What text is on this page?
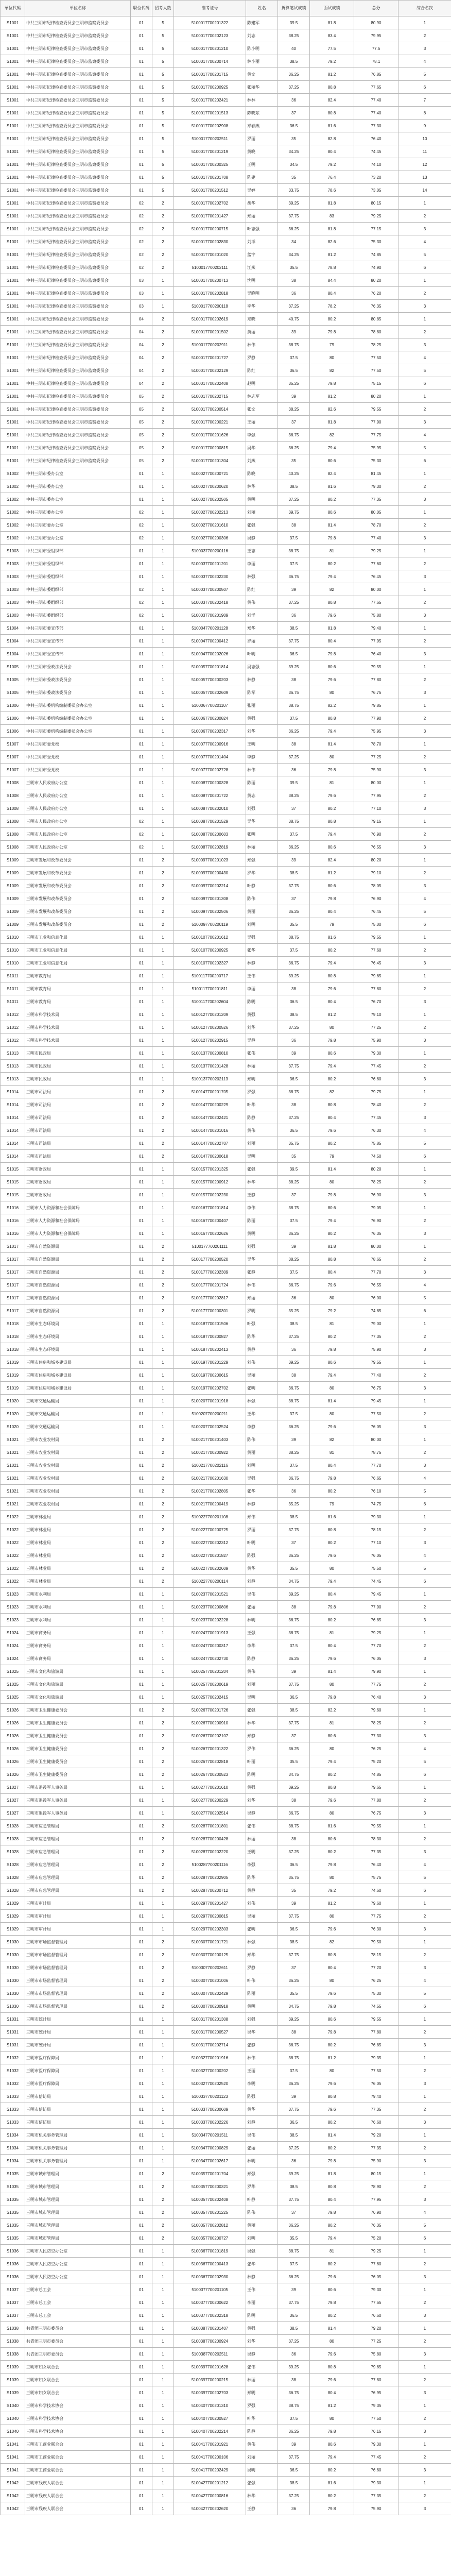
单位代码	单位名称	职位代码	招考人数	准考证号	姓名	折算笔试成绩	面试成绩	总分	综合名次
S1001	中共三明市纪律检查委员会三明市监察委员会	01	5	5100017700201322	陈建军	39.5	81.8	80.90	1
S1001	中共三明市纪律检查委员会三明市监察委员会	01	5	5100017700202123	刘志	38.25	83.4	79.95	2
S1001	中共三明市纪律检查委员会三明市监察委员会	01	5	5100017700201210	陈小明	40	77.5	77.5	3
S1001	中共三明市纪律检查委员会三明市监察委员会	01	5	5100017700200714	林小丽	38.5	79.2	78.1	4
S1001	中共三明市纪律检查委员会三明市监察委员会	01	5	5100017700201715	黄文	36.25	81.2	76.85	5
S1001	中共三明市纪律检查委员会三明市监察委员会	01	5	5100017700200925	张丽华	37.25	80.8	77.65	6
S1001	中共三明市纪律检查委员会三明市监察委员会	01	5	5100017700202421	林林	36	82.4	77.40	7
S1001	中共三明市纪律检查委员会三明市监察委员会	01	5	5100017700201513	陈晓东	37	80.8	77.40	8
S1001	中共三明市纪律检查委员会三明市监察委员会	01	5	5100017700202908	邓春燕	36.5	81.6	77.30	9
S1001	中共三明市纪律检查委员会三明市监察委员会	01	5	5100017700202511	罗丽	35	82.8	76.40	10
S1001	中共三明市纪律检查委员会三明市监察委员会	01	5	5100017700201219	黄晓	34.25	80.4	74.45	11
S1001	中共三明市纪律检查委员会三明市监察委员会	01	5	5100017700200325	王明	34.5	79.2	74.10	12
S1001	中共三明市纪律检查委员会三明市监察委员会	01	5	5100017700201708	陈建	35	76.4	73.20	13
S1001	中共三明市纪律检查委员会三明市监察委员会	01	5	5100017700201512	吴婷	33.75	78.6	73.05	14
S1001	中共三明市纪律检查委员会三明市监察委员会	02	2	5100017700202702	胡华	39.25	81.8	80.15	1
S1001	中共三明市纪律检查委员会三明市监察委员会	02	2	5100017700201427	郑丽	37.75	83	79.25	2
S1001	中共三明市纪律检查委员会三明市监察委员会	02	2	5100017700200715	叶志强	36.25	81.8	77.15	3
S1001	中共三明市纪律检查委员会三明市监察委员会	02	2	5100017700202830	刘洋	34	82.6	75.30	4
S1001	中共三明市纪律检查委员会三明市监察委员会	02	2	5100017700201020	蓝宇	34.25	81.2	74.85	5
S1001	中共三明市纪律检查委员会三明市监察委员会	02	2	5100017700202111	江燕	35.5	78.8	74.90	6
S1001	中共三明市纪律检查委员会三明市监察委员会	03	1	5100017700200713	沈明	38	84.4	80.20	1
S1001	中共三明市纪律检查委员会三明市监察委员会	03	1	5100017700202818	吴晓明	36	80.4	76.20	2
S1001	中共三明市纪律检查委员会三明市监察委员会	03	1	5100017700200118	李华	37.25	78.2	76.35	3
S1001	中共三明市纪律检查委员会三明市监察委员会	04	2	5100017700202619	邓晓	40.75	80.2	80.85	1
S1001	中共三明市纪律检查委员会三明市监察委员会	04	2	5100017700201502	黄丽	39	79.8	78.80	2
S1001	中共三明市纪律检查委员会三明市监察委员会	04	2	5100017700202911	林伟	38.75	79	78.25	3
S1001	中共三明市纪律检查委员会三明市监察委员会	04	2	5100017700201727	罗静	37.5	80	77.50	4
S1001	中共三明市纪律检查委员会三明市监察委员会	04	2	5100017700202129	陈红	36.5	82	77.50	5
S1001	中共三明市纪律检查委员会三明市监察委员会	04	2	5100017700202408	赵明	35.25	79.8	75.15	6
S1001	中共三明市纪律检查委员会三明市监察委员会	05	2	5100017700202715	林志军	39	81.2	80.20	1
S1001	中共三明市纪律检查委员会三明市监察委员会	05	2	5100017700200514	张文	38.25	82.6	79.55	2
S1001	中共三明市纪律检查委员会三明市监察委员会	05	2	5100017700200221	王丽	37	81.8	77.90	3
S1001	中共三明市纪律检查委员会三明市监察委员会	05	2	5100017700201626	李强	36.75	82	77.75	4
S1001	中共三明市纪律检查委员会三明市监察委员会	05	2	5100017700200815	吴华	36.25	79.4	75.95	5
S1001	中共三明市纪律检查委员会三明市监察委员会	05	2	5100017700201304	刘燕	35	80.6	75.30	6
S1002	中共三明市委办公室	01	1	5100027700200721	陈晓	40.25	82.4	81.45	1
S1002	中共三明市委办公室	01	1	5100027700200620	林华	38.5	81.6	79.30	2
S1002	中共三明市委办公室	01	1	5100027700202505	黄明	37.25	80.2	77.35	3
S1002	中共三明市委办公室	02	1	5100027700202213	刘丽	39.75	80.6	80.05	1
S1002	中共三明市委办公室	02	1	5100027700201610	张强	38	81.4	78.70	2
S1002	中共三明市委办公室	02	1	5100027700200306	吴静	37.5	79.8	77.40	3
S1003	中共三明市委组织部	01	1	5100037700200116	王志	38.75	81	79.25	1
S1003	中共三明市委组织部	01	1	5100037700201201	李丽	37.5	80.2	77.60	2
S1003	中共三明市委组织部	01	1	5100037700202230	林强	36.75	79.4	76.45	3
S1003	中共三明市委组织部	02	1	5100037700200507	陈红	39	82	80.00	1
S1003	中共三明市委组织部	02	1	5100037700202418	黄伟	37.25	80.8	77.65	2
S1003	中共三明市委组织部	02	1	5100037700201909	刘洋	36	79.6	75.80	3
S1004	中共三明市委宣传部	01	1	5100047700201128	郑华	38.5	81.8	79.40	1
S1004	中共三明市委宣传部	01	1	5100047700200412	罗丽	37.75	80.4	77.95	2
S1004	中共三明市委宣传部	01	1	5100047700202026	叶明	36.5	79.8	76.40	3
S1005	中共三明市委政法委员会	01	1	5100057700201814	吴志强	39.25	80.6	79.55	1
S1005	中共三明市委政法委员会	01	1	5100057700200203	林静	38	79.6	77.80	2
S1005	中共三明市委政法委员会	01	1	5100057700202609	陈军	36.75	80	76.75	3
S1006	中共三明市委机构编制委员会办公室	01	1	5100067700201107	张丽	38.75	82.2	79.85	1
S1006	中共三明市委机构编制委员会办公室	01	1	5100067700200824	黄强	37.5	80.8	77.90	2
S1006	中共三明市委机构编制委员会办公室	01	1	5100067700202317	刘华	36.25	79.4	75.95	3
S1007	中共三明市委党校	01	1	5100077700200916	王明	38	81.4	78.70	1
S1007	中共三明市委党校	01	1	5100077700201404	李静	37.25	80	77.25	2
S1007	中共三明市委党校	01	1	5100077700202728	林伟	36	79.8	75.90	3
S1008	三明市人民政府办公室	01	1	5100087700200328	陈丽	39.5	81	80.00	1
S1008	三明市人民政府办公室	01	1	5100087700201722	黄志	38.25	79.6	77.95	2
S1008	三明市人民政府办公室	01	1	5100087700202010	刘强	37	80.2	77.10	3
S1008	三明市人民政府办公室	02	1	5100087700201529	吴华	38.75	80.8	79.15	1
S1008	三明市人民政府办公室	02	1	5100087700200603	张明	37.5	79.4	76.90	2
S1008	三明市人民政府办公室	02	1	5100087700202819	林丽	36.25	80.6	76.55	3
S1009	三明市发展和改革委员会	01	2	5100097700201023	郑强	39	82.4	80.20	1
S1009	三明市发展和改革委员会	01	2	5100097700200430	罗华	38.5	81.2	79.10	2
S1009	三明市发展和改革委员会	01	2	5100097700202214	叶静	37.75	80.6	78.05	3
S1009	三明市发展和改革委员会	01	2	5100097700201308	陈伟	37	79.8	76.90	4
S1009	三明市发展和改革委员会	01	2	5100097700202506	黄丽	36.25	80.4	76.45	5
S1009	三明市发展和改革委员会	01	2	5100097700200119	刘明	35.5	79	75.00	6
S1010	三明市工业和信息化局	01	1	5100107700201612	吴强	38.75	81.6	79.55	1
S1010	三明市工业和信息化局	01	1	5100107700200925	张华	37.5	80.2	77.60	2
S1010	三明市工业和信息化局	01	1	5100107700202327	林静	36.75	79.4	76.45	3
S1011	三明市教育局	01	1	5100117700200717	王伟	39.25	80.8	79.65	1
S1011	三明市教育局	01	1	5100117700201811	李丽	38	79.6	77.80	2
S1011	三明市教育局	01	1	5100117700202604	陈明	36.5	80.4	76.70	3
S1012	三明市科学技术局	01	1	5100127700201209	黄强	38.5	81.2	79.10	1
S1012	三明市科学技术局	01	1	5100127700200526	刘华	37.25	80	77.25	2
S1012	三明市科学技术局	01	1	5100127700202915	吴静	36	79.8	75.90	3
S1013	三明市民政局	01	1	5100137700200810	张伟	39	80.6	79.30	1
S1013	三明市民政局	01	1	5100137700201428	林丽	37.75	79.4	77.45	2
S1013	三明市民政局	01	1	5100137700202113	郑明	36.5	80.2	76.60	3
S1014	三明市司法局	01	2	5100147700201705	罗强	38.75	82	79.75	1
S1014	三明市司法局	01	2	5100147700200229	叶华	38	80.8	78.40	2
S1014	三明市司法局	01	2	5100147700202421	陈静	37.25	80.4	77.45	3
S1014	三明市司法局	01	2	5100147700201016	黄伟	36.5	79.6	76.30	4
S1014	三明市司法局	01	2	5100147700202707	刘丽	35.75	80.2	75.85	5
S1014	三明市司法局	01	2	5100147700200618	吴明	35	79	74.50	6
S1015	三明市财政局	01	1	5100157700201325	张强	39.5	81.4	80.20	1
S1015	三明市财政局	01	1	5100157700200912	林华	38.25	80	78.25	2
S1015	三明市财政局	01	1	5100157700202230	王静	37	79.8	76.90	3
S1016	三明市人力资源和社会保障局	01	1	5100167700201814	李伟	38.75	80.6	79.05	1
S1016	三明市人力资源和社会保障局	01	1	5100167700200407	陈丽	37.5	79.4	76.90	2
S1016	三明市人力资源和社会保障局	01	1	5100167700202626	黄明	36.25	80.2	76.35	3
S1017	三明市自然资源局	01	2	5100177700201111	刘强	39	81.8	80.00	1
S1017	三明市自然资源局	01	2	5100177700200520	吴华	38.25	80.8	78.65	2
S1017	三明市自然资源局	01	2	5100177700202309	张静	37.5	80.4	77.70	3
S1017	三明市自然资源局	01	2	5100177700201724	林伟	36.75	79.6	76.55	4
S1017	三明市自然资源局	01	2	5100177700202817	郑丽	36	80	76.00	5
S1017	三明市自然资源局	01	2	5100177700200301	罗明	35.25	79.2	74.85	6
S1018	三明市生态环境局	01	1	5100187700201506	叶强	38.5	81	79.00	1
S1018	三明市生态环境局	01	1	5100187700200827	陈华	37.25	80.2	77.35	2
S1018	三明市生态环境局	01	1	5100187700202413	黄静	36	79.8	75.90	3
S1019	三明市住房和城乡建设局	01	1	5100197700201229	刘伟	39.25	80.6	79.55	1
S1019	三明市住房和城乡建设局	01	1	5100197700200615	吴丽	38	79.4	77.40	2
S1019	三明市住房和城乡建设局	01	1	5100197700202702	张明	36.75	80	76.75	3
S1020	三明市交通运输局	01	1	5100207700201918	林强	38.75	81.4	79.45	1
S1020	三明市交通运输局	01	1	5100207700200211	王华	37.5	80	77.50	2
S1020	三明市交通运输局	01	1	5100207700202524	李静	36.25	79.6	76.05	3
S1021	三明市农业农村局	01	2	5100217700201403	陈伟	39	82	80.00	1
S1021	三明市农业农村局	01	2	5100217700200922	黄丽	38.25	81	78.75	2
S1021	三明市农业农村局	01	2	5100217700202116	刘明	37.5	80.4	77.70	3
S1021	三明市农业农村局	01	2	5100217700201630	吴强	36.75	79.8	76.65	4
S1021	三明市农业农村局	01	2	5100217700202805	张华	36	80.2	76.10	5
S1021	三明市农业农村局	01	2	5100217700200419	林静	35.25	79	74.75	6
S1022	三明市林业局	01	2	5100227700201108	郑伟	38.5	81.6	79.30	1
S1022	三明市林业局	01	2	5100227700200725	罗丽	37.75	80.8	78.15	2
S1022	三明市林业局	01	2	5100227700202312	叶明	37	80.2	77.10	3
S1022	三明市林业局	01	2	5100227700201827	陈强	36.25	79.6	76.05	4
S1022	三明市林业局	01	2	5100227700202609	黄华	35.5	80	75.50	5
S1022	三明市林业局	01	2	5100227700200114	刘静	34.75	79.4	74.45	6
S1023	三明市水利局	01	1	5100237700201521	吴伟	39.25	80.4	79.45	1
S1023	三明市水利局	01	1	5100237700200806	张丽	38	79.8	77.90	2
S1023	三明市水利局	01	1	5100237700202228	林明	36.75	80.2	76.85	3
S1024	三明市商务局	01	1	5100247700201913	王强	38.75	81	79.25	1
S1024	三明市商务局	01	1	5100247700200317	李华	37.5	80.4	77.70	2
S1024	三明市商务局	01	1	5100247700202730	陈静	36.25	79.6	76.05	3
S1025	三明市文化和旅游局	01	1	5100257700201204	黄伟	39	81.4	79.90	1
S1025	三明市文化和旅游局	01	1	5100257700200619	刘丽	37.75	80	77.75	2
S1025	三明市文化和旅游局	01	1	5100257700202415	吴明	36.5	79.8	76.40	3
S1026	三明市卫生健康委员会	01	2	5100267700201726	张强	38.5	82.2	79.60	1
S1026	三明市卫生健康委员会	01	2	5100267700200910	林华	37.75	81	78.25	2
S1026	三明市卫生健康委员会	01	2	5100267700202107	郑静	37	80.6	77.30	3
S1026	三明市卫生健康委员会	01	2	5100267700201322	罗伟	36.25	80	76.25	4
S1026	三明市卫生健康委员会	01	2	5100267700202818	叶丽	35.5	79.4	75.20	5
S1026	三明市卫生健康委员会	01	2	5100267700200523	陈明	34.75	80.2	74.85	6
S1027	三明市退役军人事务局	01	1	5100277700201610	黄强	39.25	80.8	79.65	1
S1027	三明市退役军人事务局	01	1	5100277700200229	刘华	38	79.6	77.80	2
S1027	三明市退役军人事务局	01	1	5100277700202514	吴静	36.75	80	76.75	3
S1028	三明市应急管理局	01	2	5100287700201801	张伟	38.75	81.6	79.55	1
S1028	三明市应急管理局	01	2	5100287700200428	林丽	38	80.6	78.30	2
S1028	三明市应急管理局	01	2	5100287700202220	王明	37.25	80.2	77.35	3
S1028	三明市应急管理局	01	2	5100287700201116	李强	36.5	79.8	76.40	4
S1028	三明市应急管理局	01	2	5100287700202905	陈华	35.75	80	75.75	5
S1028	三明市应急管理局	01	2	5100287700200712	黄静	35	79.2	74.60	6
S1029	三明市审计局	01	1	5100297700201427	刘伟	39	81.2	79.60	1
S1029	三明市审计局	01	1	5100297700200815	吴丽	37.75	80	77.75	2
S1029	三明市审计局	01	1	5100297700202303	张明	36.5	79.6	76.30	3
S1030	三明市市场监督管理局	01	2	5100307700201721	林强	38.5	82	79.50	1
S1030	三明市市场监督管理局	01	2	5100307700200125	郑华	37.75	80.8	78.15	2
S1030	三明市市场监督管理局	01	2	5100307700202611	罗静	37	80.4	77.20	3
S1030	三明市市场监督管理局	01	2	5100307700201006	叶伟	36.25	80	76.25	4
S1030	三明市市场监督管理局	01	2	5100307700202429	陈丽	35.5	79.6	75.30	5
S1030	三明市市场监督管理局	01	2	5100307700200918	黄明	34.75	79.8	74.55	6
S1031	三明市统计局	01	1	5100317700201308	刘强	39.25	80.6	79.55	1
S1031	三明市统计局	01	1	5100317700200527	吴华	38	79.8	77.80	2
S1031	三明市统计局	01	1	5100317700202714	张静	36.75	80.2	76.85	3
S1032	三明市医疗保障局	01	1	5100327700201916	林伟	38.75	81.2	79.35	1
S1032	三明市医疗保障局	01	1	5100327700200202	王丽	37.5	80	77.50	2
S1032	三明市医疗保障局	01	1	5100327700202520	李明	36.25	79.6	76.05	3
S1033	三明市信访局	01	1	5100337700201123	陈强	39	80.8	79.40	1
S1033	三明市信访局	01	1	5100337700200609	黄华	37.75	79.6	77.35	2
S1033	三明市信访局	01	1	5100337700202226	刘静	36.5	80.2	76.60	3
S1034	三明市机关事务管理局	01	1	5100347700201511	吴伟	38.5	81.4	79.20	1
S1034	三明市机关事务管理局	01	1	5100347700200829	张丽	37.25	80.2	77.35	2
S1034	三明市机关事务管理局	01	1	5100347700202617	林明	36	79.8	75.90	3
S1035	三明市城市管理局	01	2	5100357700201704	郑强	39.25	81.8	80.15	1
S1035	三明市城市管理局	01	2	5100357700200321	罗华	38.5	80.8	78.90	2
S1035	三明市城市管理局	01	2	5100357700202408	叶静	37.75	80.4	77.95	3
S1035	三明市城市管理局	01	2	5100357700201225	陈伟	37	79.8	76.90	4
S1035	三明市城市管理局	01	2	5100357700202812	黄丽	36.25	80.2	76.35	5
S1035	三明市城市管理局	01	2	5100357700200727	刘明	35.5	79.4	75.20	6
S1036	三明市人民防空办公室	01	1	5100367700201819	吴强	38.75	81	79.25	1
S1036	三明市人民防空办公室	01	1	5100367700200413	张华	37.5	80.2	77.60	2
S1036	三明市人民防空办公室	01	1	5100367700202930	林静	36.25	79.6	76.05	3
S1037	三明市总工会	01	1	5100377700201105	王伟	39	80.6	79.30	1
S1037	三明市总工会	01	1	5100377700200622	李丽	37.75	79.8	77.65	2
S1037	三明市总工会	01	1	5100377700202318	陈明	36.5	80.2	76.60	3
S1038	共青团三明市委员会	01	1	5100387700201407	黄强	38.5	81.4	79.20	1
S1038	共青团三明市委员会	01	1	5100387700200924	刘华	37.25	80	77.25	2
S1038	共青团三明市委员会	01	1	5100387700202511	吴静	36	79.6	75.80	3
S1039	三明市妇女联合会	01	1	5100397700201628	张伟	39.25	80.8	79.65	1
S1039	三明市妇女联合会	01	1	5100397700200215	林丽	38	79.6	77.80	2
S1039	三明市妇女联合会	01	1	5100397700202703	郑明	36.75	80.4	76.95	3
S1040	三明市科学技术协会	01	1	5100407700201310	罗强	38.75	81.2	79.35	1
S1040	三明市科学技术协会	01	1	5100407700200527	叶华	37.5	80	77.50	2
S1040	三明市科学技术协会	01	1	5100407700202214	陈静	36.25	79.8	76.15	3
S1041	三明市工商业联合会	01	1	5100417700201921	黄伟	39	80.6	79.30	1
S1041	三明市工商业联合会	01	1	5100417700200106	刘丽	37.75	79.4	77.45	2
S1041	三明市工商业联合会	01	1	5100417700202429	吴明	36.5	80.2	76.60	3
S1042	三明市残疾人联合会	01	1	5100427700201212	张强	38.5	81.6	79.30	1
S1042	三明市残疾人联合会	01	1	5100427700200816	林华	37.25	80.2	77.35	2
S1042	三明市残疾人联合会	01	1	5100427700202620	王静	36	79.8	75.90	3
